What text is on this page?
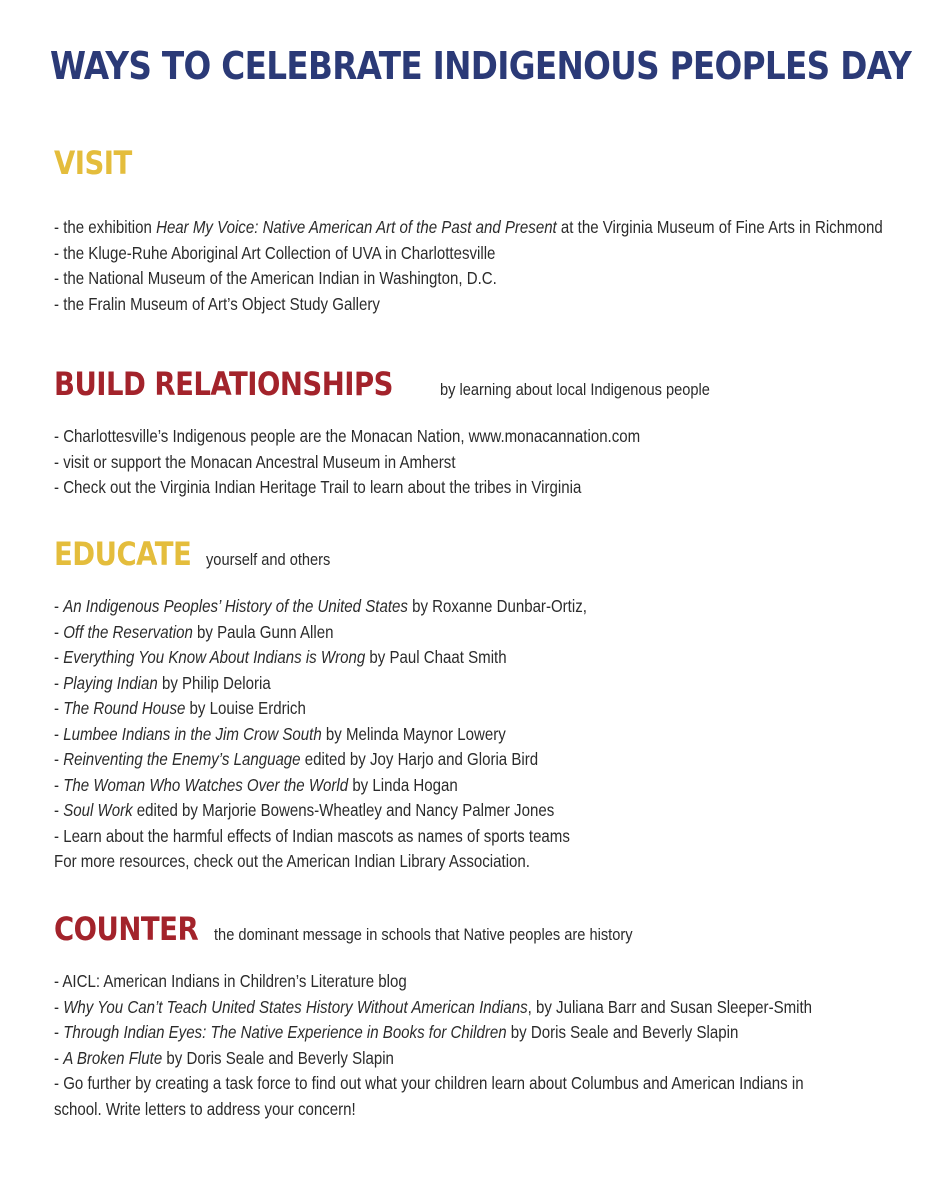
WAYS TO CELEBRATE INDIGENOUS PEOPLES DAY
VISIT
- the exhibition Hear My Voice: Native American Art of the Past and Present at the Virginia Museum of Fine Arts in Richmond
- the Kluge-Ruhe Aboriginal Art Collection of UVA in Charlottesville
- the National Museum of the American Indian in Washington, D.C.
- the Fralin Museum of Art’s Object Study Gallery
BUILD RELATIONSHIPS	by learning about local Indigenous people
- Charlottesville’s Indigenous people are the Monacan Nation, www.monacannation.com
- visit or support the Monacan Ancestral Museum in Amherst
- Check out the Virginia Indian Heritage Trail to learn about the tribes in Virginia
EDUCATE yourself and others
- An Indigenous Peoples’ History of the United States by Roxanne Dunbar-Ortiz,
- Off the Reservation by Paula Gunn Allen
- Everything You Know About Indians is Wrong by Paul Chaat Smith
- Playing Indian by Philip Deloria
- The Round House by Louise Erdrich
- Lumbee Indians in the Jim Crow South by Melinda Maynor Lowery
- Reinventing the Enemy’s Language edited by Joy Harjo and Gloria Bird
- The Woman Who Watches Over the World by Linda Hogan
- Soul Work edited by Marjorie Bowens-Wheatley and Nancy Palmer Jones
- Learn about the harmful effects of Indian mascots as names of sports teams
For more resources, check out the American Indian Library Association.
COUNTER the dominant message in schools that Native peoples are history
- AICL: American Indians in Children’s Literature blog
- Why You Can’t Teach United States History Without American Indians, by Juliana Barr and Susan Sleeper-Smith
- Through Indian Eyes: The Native Experience in Books for Children by Doris Seale and Beverly Slapin
- A Broken Flute by Doris Seale and Beverly Slapin
- Go further by creating a task force to find out what your children learn about Columbus and American Indians in
school. Write letters to address your concern!
